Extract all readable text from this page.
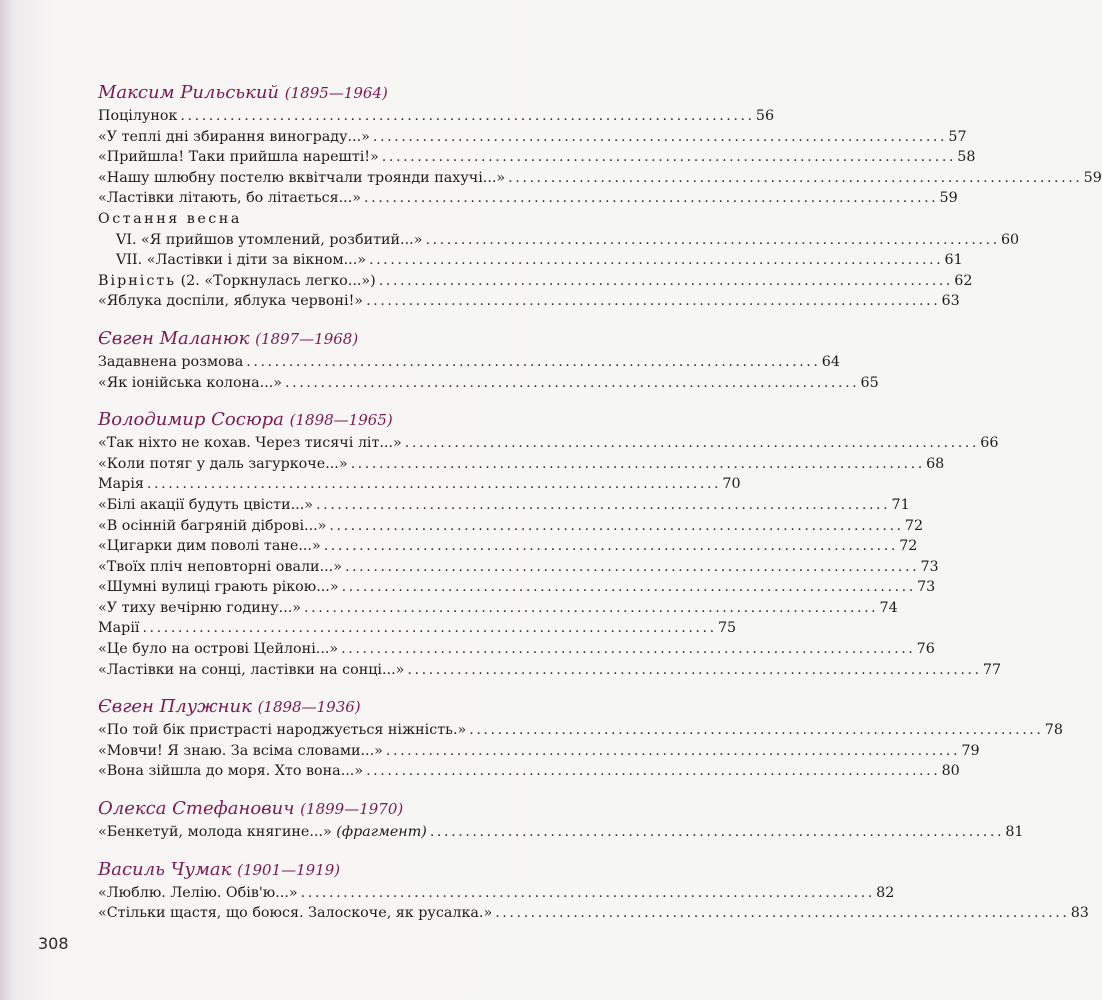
Максим Рильський (1895—1964)
Поцілунок . . .	56
«У теплі дні збирання винограду...» . . .	57
«Прийшла! Таки прийшла нарешті!» . . .	58
«Нашу шлюбну постелю вквітчали троянди пахучі...» . . .	59
«Ластівки літають, бо літається...» . . .	59
Остання весна
VI. «Я прийшов утомлений, розбитий...» . . .	60
VII. «Ластівки і діти за вікном...» . . .	61
Вірність (2. «Торкнулась легко...») . . .	62
«Яблука доспіли, яблука червоні!» . . .	63
Євген Маланюк (1897—1968)
Задавнена розмова . . .	64
«Як іонійська колона...» . . .	65
Володимир Сосюра (1898—1965)
«Так ніхто не кохав. Через тисячі літ...» . . .	66
«Коли потяг у даль загуркоче...» . . .	68
Марія . . .	70
«Білі акації будуть цвісти...» . . .	71
«В осінній багряній діброві...» . . .	72
«Цигарки дим поволі тане...» . . .	72
«Твоїх пліч неповторні овали...» . . .	73
«Шумні вулиці грають рікою...» . . .	73
«У тиху вечірню годину...» . . .	74
Марії . . .	75
«Це було на острові Цейлоні...» . . .	76
«Ластівки на сонці, ластівки на сонці...» . . .	77
Євген Плужник (1898—1936)
«По той бік пристрасті народжується ніжність.» . . .	78
«Мовчи! Я знаю. За всіма словами...» . . .	79
«Вона зійшла до моря. Хто вона...» . . .	80
Олекса Стефанович (1899—1970)
«Бенкетуй, молода княгине...» (фрагмент) . . .	81
Василь Чумак (1901—1919)
«Люблю. Лелію. Обів'ю...» . . .	82
«Стільки щастя, що боюся. Залоскоче, як русалка.» . . .	83
308
